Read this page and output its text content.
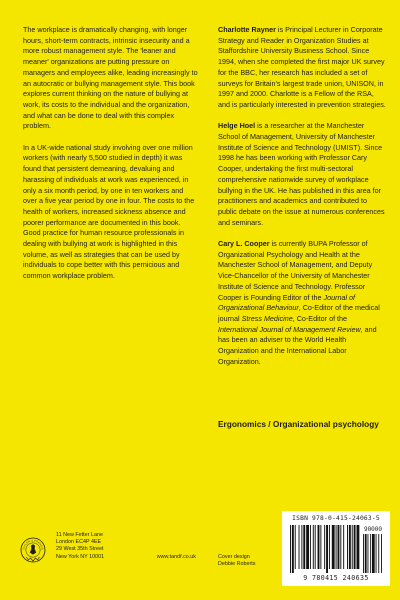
The workplace is dramatically changing, with longer hours, short-term contracts, intrinsic insecurity and a more robust management style. The 'leaner and meaner' organizations are putting pressure on managers and employees alike, leading increasingly to an autocratic or bullying management style. This book explores current thinking on the nature of bullying at work, its costs to the individual and the organization, and what can be done to deal with this complex problem.

In a UK-wide national study involving over one million workers (with nearly 5,500 studied in depth) it was found that persistent demeaning, devaluing and harassing of individuals at work was experienced, in only a six month period, by one in ten workers and over a five year period by one in four. The costs to the health of workers, increased sickness absence and poorer performance are documented in this book. Good practice for human resource professionals in dealing with bullying at work is highlighted in this volume, as well as strategies that can be used by individuals to cope better with this pernicious and common workplace problem.

Charlotte Rayner is Principal Lecturer in Corporate Strategy and Reader in Organization Studies at Staffordshire University Business School. Since 1994, when she completed the first major UK survey for the BBC, her research has included a set of surveys for Britain's largest trade union, UNISON, in 1997 and 2000. Charlotte is a Fellow of the RSA, and is particularly interested in prevention strategies.

Helge Hoel is a researcher at the Manchester School of Management, University of Manchester Institute of Science and Technology (UMIST). Since 1998 he has been working with Professor Cary Cooper, undertaking the first multi-sectoral comprehensive nationwide survey of workplace bullying in the UK. He has published in this area for practitioners and academics and contributed to public debate on the issue at numerous conferences and seminars.

Cary L. Cooper is currently BUPA Professor of Organizational Psychology and Health at the Manchester School of Management, and Deputy Vice-Chancellor of the University of Manchester Institute of Science and Technology. Professor Cooper is Founding Editor of the Journal of Organizational Behaviour, Co-Editor of the medical journal Stress Medicine, Co-Editor of the International Journal of Management Review, and has been an adviser to the World Health Organization and the International Labor Organization.

Ergonomics / Organizational psychology
TAYLOR & FRANCIS
11 New Fetter Lane
London EC4P 4EE
29 West 35th Street
New York NY 10001	www.tandf.co.uk	Cover design
Debbie Roberts
ISBN 978-0-415-24063-5
90000
9 780415 240635
